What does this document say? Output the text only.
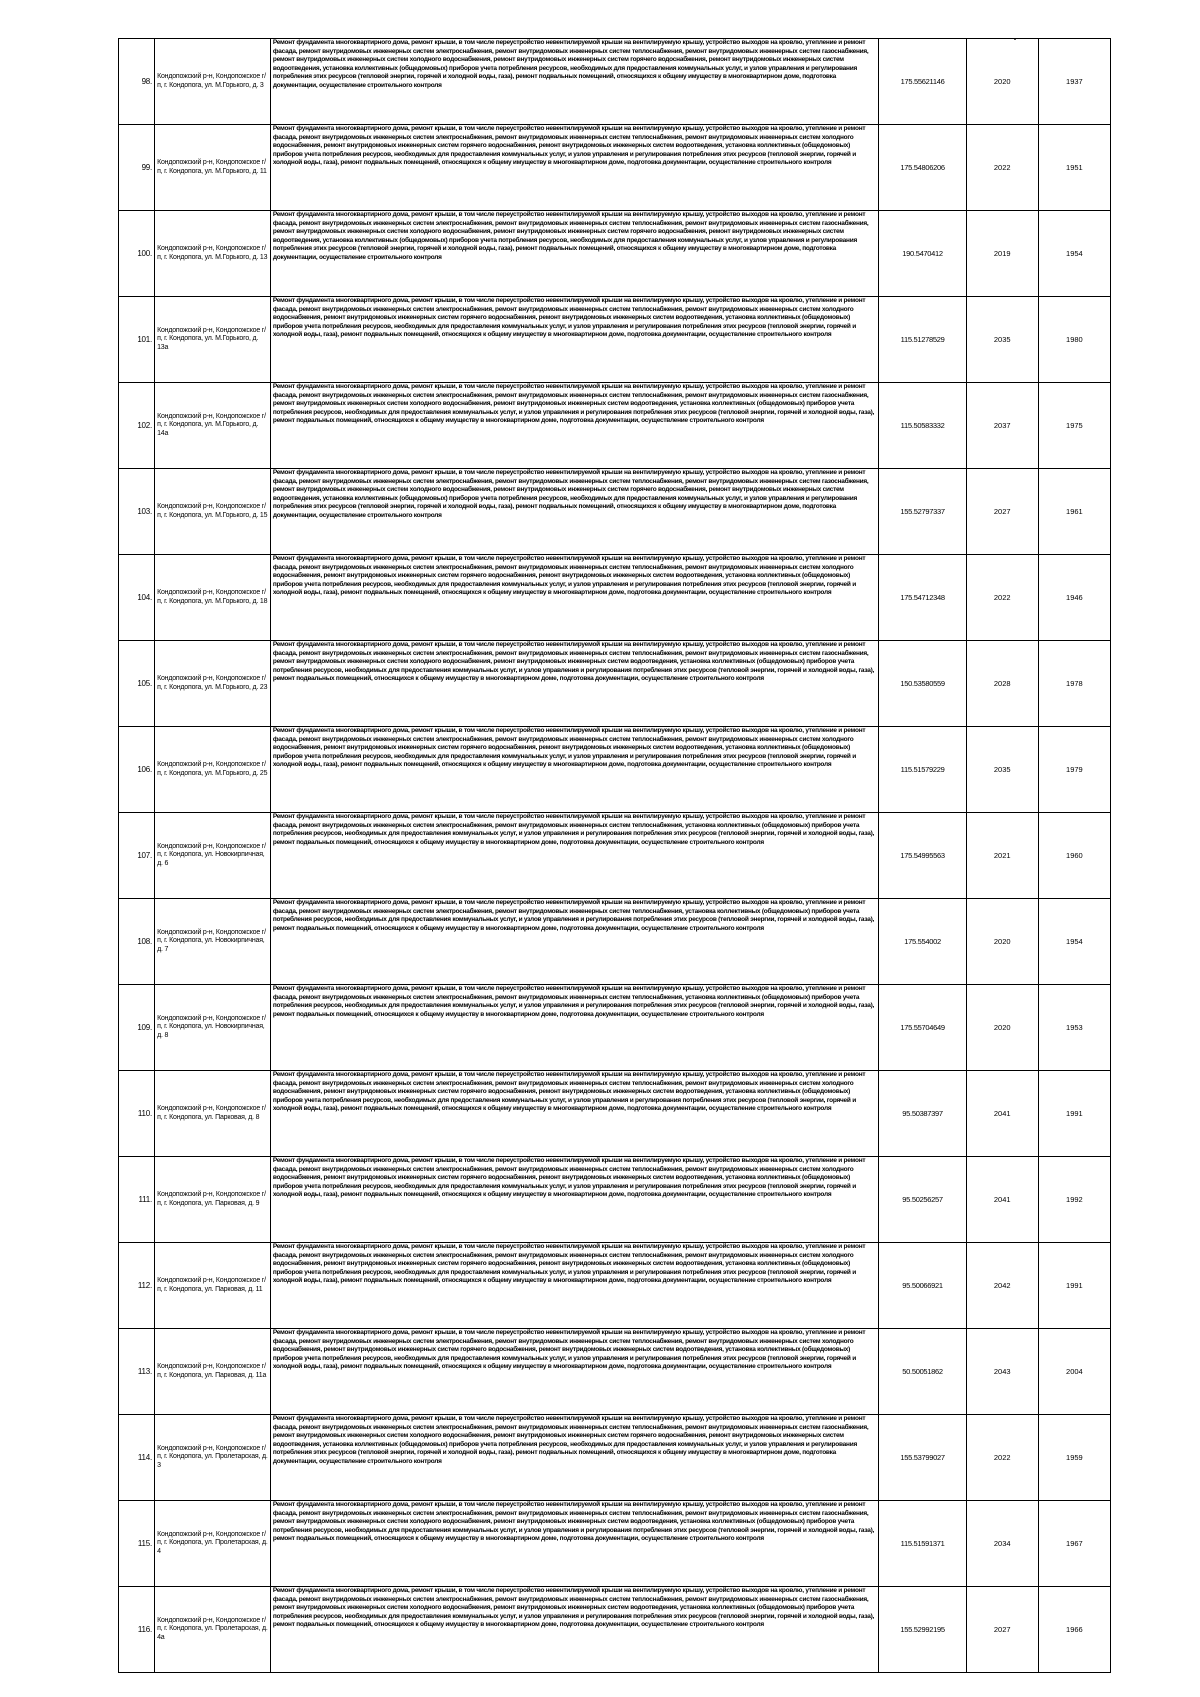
98.	Кондопожский р-н, Кондопожское г/п, г. Кондопога, ул. М.Горького, д. 3	Ремонт фундамента многоквартирного дома, ремонт крыши, в том числе переустройство невентилируемой крыши на вентилируемую крышу, устройство выходов на кровлю, утепление и ремонт фасада, ремонт внутридомовых инженерных систем электроснабжения, ремонт внутридомовых инженерных систем теплоснабжения, ремонт внутридомовых инженерных систем газоснабжения, ремонт внутридомовых инженерных систем холодного водоснабжения, ремонт внутридомовых инженерных систем горячего водоснабжения, ремонт внутридомовых инженерных систем водоотведения, установка коллективных (общедомовых) приборов учета потребления ресурсов, необходимых для предоставления коммунальных услуг, и узлов управления и регулирования потребления этих ресурсов (тепловой энергии, горячей и холодной воды, газа), ремонт подвальных помещений, относящихся к общему имуществу в многоквартирном доме, подготовка документации, осуществление строительного контроля	175.55621146	2020	1937
99.	Кондопожский р-н, Кондопожское г/п, г. Кондопога, ул. М.Горького, д. 11	Ремонт фундамента многоквартирного дома, ремонт крыши, в том числе переустройство невентилируемой крыши на вентилируемую крышу, устройство выходов на кровлю, утепление и ремонт фасада, ремонт внутридомовых инженерных систем электроснабжения, ремонт внутридомовых инженерных систем теплоснабжения, ремонт внутридомовых инженерных систем холодного водоснабжения, ремонт внутридомовых инженерных систем горячего водоснабжения, ремонт внутридомовых инженерных систем водоотведения, установка коллективных (общедомовых) приборов учета потребления ресурсов, необходимых для предоставления коммунальных услуг, и узлов управления и регулирования потребления этих ресурсов (тепловой энергии, горячей и холодной воды, газа), ремонт подвальных помещений, относящихся к общему имуществу в многоквартирном доме, подготовка документации, осуществление строительного контроля	175.54806206	2022	1951
100.	Кондопожский р-н, Кондопожское г/п, г. Кондопога, ул. М.Горького, д. 13	Ремонт фундамента многоквартирного дома, ремонт крыши, в том числе переустройство невентилируемой крыши на вентилируемую крышу, устройство выходов на кровлю, утепление и ремонт фасада, ремонт внутридомовых инженерных систем электроснабжения, ремонт внутридомовых инженерных систем теплоснабжения, ремонт внутридомовых инженерных систем газоснабжения, ремонт внутридомовых инженерных систем холодного водоснабжения, ремонт внутридомовых инженерных систем горячего водоснабжения, ремонт внутридомовых инженерных систем водоотведения, установка коллективных (общедомовых) приборов учета потребления ресурсов, необходимых для предоставления коммунальных услуг, и узлов управления и регулирования потребления этих ресурсов (тепловой энергии, горячей и холодной воды, газа), ремонт подвальных помещений, относящихся к общему имуществу в многоквартирном доме, подготовка документации, осуществление строительного контроля	190.5470412	2019	1954
101.	Кондопожский р-н, Кондопожское г/п, г. Кондопога, ул. М.Горького, д. 13а	Ремонт фундамента многоквартирного дома, ремонт крыши, в том числе переустройство невентилируемой крыши на вентилируемую крышу, устройство выходов на кровлю, утепление и ремонт фасада, ремонт внутридомовых инженерных систем электроснабжения, ремонт внутридомовых инженерных систем теплоснабжения, ремонт внутридомовых инженерных систем холодного водоснабжения, ремонт внутридомовых инженерных систем горячего водоснабжения, ремонт внутридомовых инженерных систем водоотведения, установка коллективных (общедомовых) приборов учета потребления ресурсов, необходимых для предоставления коммунальных услуг, и узлов управления и регулирования потребления этих ресурсов (тепловой энергии, горячей и холодной воды, газа), ремонт подвальных помещений, относящихся к общему имуществу в многоквартирном доме, подготовка документации, осуществление строительного контроля	115.51278529	2035	1980
102.	Кондопожский р-н, Кондопожское г/п, г. Кондопога, ул. М.Горького, д. 14а	Ремонт фундамента многоквартирного дома, ремонт крыши, в том числе переустройство невентилируемой крыши на вентилируемую крышу, устройство выходов на кровлю, утепление и ремонт фасада, ремонт внутридомовых инженерных систем электроснабжения, ремонт внутридомовых инженерных систем теплоснабжения, ремонт внутридомовых инженерных систем газоснабжения, ремонт внутридомовых инженерных систем холодного водоснабжения, ремонт внутридомовых инженерных систем водоотведения, установка коллективных (общедомовых) приборов учета потребления ресурсов, необходимых для предоставления коммунальных услуг, и узлов управления и регулирования потребления этих ресурсов (тепловой энергии, горячей и холодной воды, газа), ремонт подвальных помещений, относящихся к общему имуществу в многоквартирном доме, подготовка документации, осуществление строительного контроля	115.50583332	2037	1975
103.	Кондопожский р-н, Кондопожское г/п, г. Кондопога, ул. М.Горького, д. 15	Ремонт фундамента многоквартирного дома, ремонт крыши, в том числе переустройство невентилируемой крыши на вентилируемую крышу, устройство выходов на кровлю, утепление и ремонт фасада, ремонт внутридомовых инженерных систем электроснабжения, ремонт внутридомовых инженерных систем теплоснабжения, ремонт внутридомовых инженерных систем газоснабжения, ремонт внутридомовых инженерных систем холодного водоснабжения, ремонт внутридомовых инженерных систем горячего водоснабжения, ремонт внутридомовых инженерных систем водоотведения, установка коллективных (общедомовых) приборов учета потребления ресурсов, необходимых для предоставления коммунальных услуг, и узлов управления и регулирования потребления этих ресурсов (тепловой энергии, горячей и холодной воды, газа), ремонт подвальных помещений, относящихся к общему имуществу в многоквартирном доме, подготовка документации, осуществление строительного контроля	155.52797337	2027	1961
104.	Кондопожский р-н, Кондопожское г/п, г. Кондопога, ул. М.Горького, д. 18	Ремонт фундамента многоквартирного дома, ремонт крыши, в том числе переустройство невентилируемой крыши на вентилируемую крышу, устройство выходов на кровлю, утепление и ремонт фасада, ремонт внутридомовых инженерных систем электроснабжения, ремонт внутридомовых инженерных систем теплоснабжения, ремонт внутридомовых инженерных систем холодного водоснабжения, ремонт внутридомовых инженерных систем горячего водоснабжения, ремонт внутридомовых инженерных систем водоотведения, установка коллективных (общедомовых) приборов учета потребления ресурсов, необходимых для предоставления коммунальных услуг, и узлов управления и регулирования потребления этих ресурсов (тепловой энергии, горячей и холодной воды, газа), ремонт подвальных помещений, относящихся к общему имуществу в многоквартирном доме, подготовка документации, осуществление строительного контроля	175.54712348	2022	1946
105.	Кондопожский р-н, Кондопожское г/п, г. Кондопога, ул. М.Горького, д. 23	Ремонт фундамента многоквартирного дома, ремонт крыши, в том числе переустройство невентилируемой крыши на вентилируемую крышу, устройство выходов на кровлю, утепление и ремонт фасада, ремонт внутридомовых инженерных систем электроснабжения, ремонт внутридомовых инженерных систем теплоснабжения, ремонт внутридомовых инженерных систем газоснабжения, ремонт внутридомовых инженерных систем холодного водоснабжения, ремонт внутридомовых инженерных систем водоотведения, установка коллективных (общедомовых) приборов учета потребления ресурсов, необходимых для предоставления коммунальных услуг, и узлов управления и регулирования потребления этих ресурсов (тепловой энергии, горячей и холодной воды, газа), ремонт подвальных помещений, относящихся к общему имуществу в многоквартирном доме, подготовка документации, осуществление строительного контроля	150.53580559	2028	1978
106.	Кондопожский р-н, Кондопожское г/п, г. Кондопога, ул. М.Горького, д. 25	Ремонт фундамента многоквартирного дома, ремонт крыши, в том числе переустройство невентилируемой крыши на вентилируемую крышу, устройство выходов на кровлю, утепление и ремонт фасада, ремонт внутридомовых инженерных систем электроснабжения, ремонт внутридомовых инженерных систем теплоснабжения, ремонт внутридомовых инженерных систем холодного водоснабжения, ремонт внутридомовых инженерных систем горячего водоснабжения, ремонт внутридомовых инженерных систем водоотведения, установка коллективных (общедомовых) приборов учета потребления ресурсов, необходимых для предоставления коммунальных услуг, и узлов управления и регулирования потребления этих ресурсов (тепловой энергии, горячей и холодной воды, газа), ремонт подвальных помещений, относящихся к общему имуществу в многоквартирном доме, подготовка документации, осуществление строительного контроля	115.51579229	2035	1979
107.	Кондопожский р-н, Кондопожское г/п, г. Кондопога, ул. Новокирпичная, д. 6	Ремонт фундамента многоквартирного дома, ремонт крыши, в том числе переустройство невентилируемой крыши на вентилируемую крышу, устройство выходов на кровлю, утепление и ремонт фасада, ремонт внутридомовых инженерных систем электроснабжения, ремонт внутридомовых инженерных систем теплоснабжения, установка коллективных (общедомовых) приборов учета потребления ресурсов, необходимых для предоставления коммунальных услуг, и узлов управления и регулирования потребления этих ресурсов (тепловой энергии, горячей и холодной воды, газа), ремонт подвальных помещений, относящихся к общему имуществу в многоквартирном доме, подготовка документации, осуществление строительного контроля	175.54995563	2021	1960
108.	Кондопожский р-н, Кондопожское г/п, г. Кондопога, ул. Новокирпичная, д. 7	Ремонт фундамента многоквартирного дома, ремонт крыши, в том числе переустройство невентилируемой крыши на вентилируемую крышу, устройство выходов на кровлю, утепление и ремонт фасада, ремонт внутридомовых инженерных систем электроснабжения, ремонт внутридомовых инженерных систем теплоснабжения, установка коллективных (общедомовых) приборов учета потребления ресурсов, необходимых для предоставления коммунальных услуг, и узлов управления и регулирования потребления этих ресурсов (тепловой энергии, горячей и холодной воды, газа), ремонт подвальных помещений, относящихся к общему имуществу в многоквартирном доме, подготовка документации, осуществление строительного контроля	175.554002	2020	1954
109.	Кондопожский р-н, Кондопожское г/п, г. Кондопога, ул. Новокирпичная, д. 8	Ремонт фундамента многоквартирного дома, ремонт крыши, в том числе переустройство невентилируемой крыши на вентилируемую крышу, устройство выходов на кровлю, утепление и ремонт фасада, ремонт внутридомовых инженерных систем электроснабжения, ремонт внутридомовых инженерных систем теплоснабжения, установка коллективных (общедомовых) приборов учета потребления ресурсов, необходимых для предоставления коммунальных услуг, и узлов управления и регулирования потребления этих ресурсов (тепловой энергии, горячей и холодной воды, газа), ремонт подвальных помещений, относящихся к общему имуществу в многоквартирном доме, подготовка документации, осуществление строительного контроля	175.55704649	2020	1953
110.	Кондопожский р-н, Кондопожское г/п, г. Кондопога, ул. Парковая, д. 8	Ремонт фундамента многоквартирного дома, ремонт крыши, в том числе переустройство невентилируемой крыши на вентилируемую крышу, устройство выходов на кровлю, утепление и ремонт фасада, ремонт внутридомовых инженерных систем электроснабжения, ремонт внутридомовых инженерных систем теплоснабжения, ремонт внутридомовых инженерных систем холодного водоснабжения, ремонт внутридомовых инженерных систем горячего водоснабжения, ремонт внутридомовых инженерных систем водоотведения, установка коллективных (общедомовых) приборов учета потребления ресурсов, необходимых для предоставления коммунальных услуг, и узлов управления и регулирования потребления этих ресурсов (тепловой энергии, горячей и холодной воды, газа), ремонт подвальных помещений, относящихся к общему имуществу в многоквартирном доме, подготовка документации, осуществление строительного контроля	95.50387397	2041	1991
111.	Кондопожский р-н, Кондопожское г/п, г. Кондопога, ул. Парковая, д. 9	Ремонт фундамента многоквартирного дома, ремонт крыши, в том числе переустройство невентилируемой крыши на вентилируемую крышу, устройство выходов на кровлю, утепление и ремонт фасада, ремонт внутридомовых инженерных систем электроснабжения, ремонт внутридомовых инженерных систем теплоснабжения, ремонт внутридомовых инженерных систем холодного водоснабжения, ремонт внутридомовых инженерных систем горячего водоснабжения, ремонт внутридомовых инженерных систем водоотведения, установка коллективных (общедомовых) приборов учета потребления ресурсов, необходимых для предоставления коммунальных услуг, и узлов управления и регулирования потребления этих ресурсов (тепловой энергии, горячей и холодной воды, газа), ремонт подвальных помещений, относящихся к общему имуществу в многоквартирном доме, подготовка документации, осуществление строительного контроля	95.50256257	2041	1992
112.	Кондопожский р-н, Кондопожское г/п, г. Кондопога, ул. Парковая, д. 11	Ремонт фундамента многоквартирного дома, ремонт крыши, в том числе переустройство невентилируемой крыши на вентилируемую крышу, устройство выходов на кровлю, утепление и ремонт фасада, ремонт внутридомовых инженерных систем электроснабжения, ремонт внутридомовых инженерных систем теплоснабжения, ремонт внутридомовых инженерных систем холодного водоснабжения, ремонт внутридомовых инженерных систем горячего водоснабжения, ремонт внутридомовых инженерных систем водоотведения, установка коллективных (общедомовых) приборов учета потребления ресурсов, необходимых для предоставления коммунальных услуг, и узлов управления и регулирования потребления этих ресурсов (тепловой энергии, горячей и холодной воды, газа), ремонт подвальных помещений, относящихся к общему имуществу в многоквартирном доме, подготовка документации, осуществление строительного контроля	95.50066921	2042	1991
113.	Кондопожский р-н, Кондопожское г/п, г. Кондопога, ул. Парковая, д. 11а	Ремонт фундамента многоквартирного дома, ремонт крыши, в том числе переустройство невентилируемой крыши на вентилируемую крышу, устройство выходов на кровлю, утепление и ремонт фасада, ремонт внутридомовых инженерных систем электроснабжения, ремонт внутридомовых инженерных систем теплоснабжения, ремонт внутридомовых инженерных систем холодного водоснабжения, ремонт внутридомовых инженерных систем горячего водоснабжения, ремонт внутридомовых инженерных систем водоотведения, установка коллективных (общедомовых) приборов учета потребления ресурсов, необходимых для предоставления коммунальных услуг, и узлов управления и регулирования потребления этих ресурсов (тепловой энергии, горячей и холодной воды, газа), ремонт подвальных помещений, относящихся к общему имуществу в многоквартирном доме, подготовка документации, осуществление строительного контроля	50.50051862	2043	2004
114.	Кондопожский р-н, Кондопожское г/п, г. Кондопога, ул. Пролетарская, д. 3	Ремонт фундамента многоквартирного дома, ремонт крыши, в том числе переустройство невентилируемой крыши на вентилируемую крышу, устройство выходов на кровлю, утепление и ремонт фасада, ремонт внутридомовых инженерных систем электроснабжения, ремонт внутридомовых инженерных систем теплоснабжения, ремонт внутридомовых инженерных систем газоснабжения, ремонт внутридомовых инженерных систем холодного водоснабжения, ремонт внутридомовых инженерных систем горячего водоснабжения, ремонт внутридомовых инженерных систем водоотведения, установка коллективных (общедомовых) приборов учета потребления ресурсов, необходимых для предоставления коммунальных услуг, и узлов управления и регулирования потребления этих ресурсов (тепловой энергии, горячей и холодной воды, газа), ремонт подвальных помещений, относящихся к общему имуществу в многоквартирном доме, подготовка документации, осуществление строительного контроля	155.53799027	2022	1959
115.	Кондопожский р-н, Кондопожское г/п, г. Кондопога, ул. Пролетарская, д. 4	Ремонт фундамента многоквартирного дома, ремонт крыши, в том числе переустройство невентилируемой крыши на вентилируемую крышу, устройство выходов на кровлю, утепление и ремонт фасада, ремонт внутридомовых инженерных систем электроснабжения, ремонт внутридомовых инженерных систем теплоснабжения, ремонт внутридомовых инженерных систем газоснабжения, ремонт внутридомовых инженерных систем холодного водоснабжения, ремонт внутридомовых инженерных систем водоотведения, установка коллективных (общедомовых) приборов учета потребления ресурсов, необходимых для предоставления коммунальных услуг, и узлов управления и регулирования потребления этих ресурсов (тепловой энергии, горячей и холодной воды, газа), ремонт подвальных помещений, относящихся к общему имуществу в многоквартирном доме, подготовка документации, осуществление строительного контроля	115.51591371	2034	1967
116.	Кондопожский р-н, Кондопожское г/п, г. Кондопога, ул. Пролетарская, д. 4а	Ремонт фундамента многоквартирного дома, ремонт крыши, в том числе переустройство невентилируемой крыши на вентилируемую крышу, устройство выходов на кровлю, утепление и ремонт фасада, ремонт внутридомовых инженерных систем электроснабжения, ремонт внутридомовых инженерных систем теплоснабжения, ремонт внутридомовых инженерных систем газоснабжения, ремонт внутридомовых инженерных систем холодного водоснабжения, ремонт внутридомовых инженерных систем водоотведения, установка коллективных (общедомовых) приборов учета потребления ресурсов, необходимых для предоставления коммунальных услуг, и узлов управления и регулирования потребления этих ресурсов (тепловой энергии, горячей и холодной воды, газа), ремонт подвальных помещений, относящихся к общему имуществу в многоквартирном доме, подготовка документации, осуществление строительного контроля	155.52992195	2027	1966
